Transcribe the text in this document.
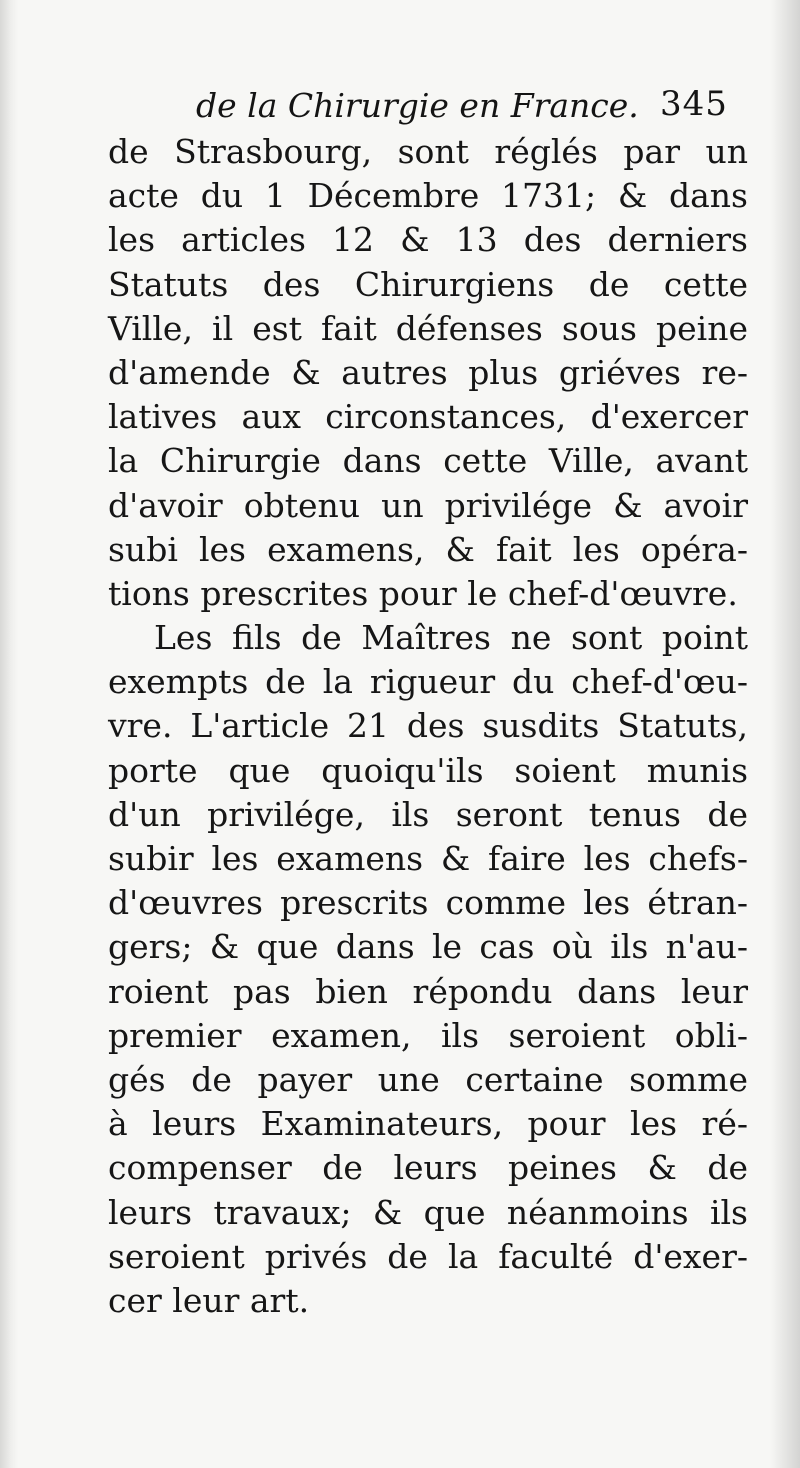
de la Chirurgie en France. 345
de Strasbourg, sont réglés par un
acte du 1 Décembre 1731; & dans
les articles 12 & 13 des derniers
Statuts des Chirurgiens de cette
Ville, il est fait défenses sous peine
d'amende & autres plus griéves re-
latives aux circonstances, d'exercer
la Chirurgie dans cette Ville, avant
d'avoir obtenu un privilége & avoir
subi les examens, & fait les opéra-
tions prescrites pour le chef-d'œuvre.
Les fils de Maîtres ne sont point
exempts de la rigueur du chef-d'œu-
vre. L'article 21 des susdits Statuts,
porte que quoiqu'ils soient munis
d'un privilége, ils seront tenus de
subir les examens & faire les chefs-
d'œuvres prescrits comme les étran-
gers; & que dans le cas où ils n'au-
roient pas bien répondu dans leur
premier examen, ils seroient obli-
gés de payer une certaine somme
à leurs Examinateurs, pour les ré-
compenser de leurs peines & de
leurs travaux; & que néanmoins ils
seroient privés de la faculté d'exer-
cer leur art.
